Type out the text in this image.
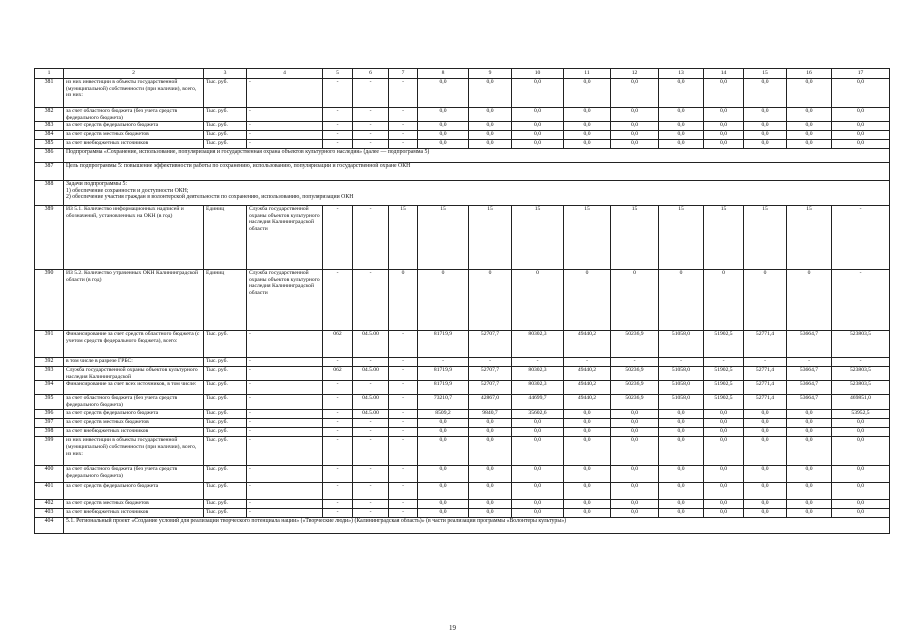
1	2	3	4	5	6	7	8	9	10	11	12	13	14	15	16	17
381	из них инвестиции в объекты государственной (муниципальной) собственности (при наличии), всего, из них:	Тыс. руб.	-	-	-	-	0,0	0,0	0,0	0,0	0,0	0,0	0,0	0,0	0,0	0,0
382	за счет областного бюджета (без учета средств федерального бюджета)	Тыс. руб.	-	-	-	-	0,0	0,0	0,0	0,0	0,0	0,0	0,0	0,0	0,0	0,0
383	за счет средств федерального бюджета	Тыс. руб.	-	-	-	-	0,0	0,0	0,0	0,0	0,0	0,0	0,0	0,0	0,0	0,0
384	за счет средств местных бюджетов	Тыс. руб.	-	-	-	-	0,0	0,0	0,0	0,0	0,0	0,0	0,0	0,0	0,0	0,0
385	за счет внебюджетных источников	Тыс. руб.	-	-	-	-	0,0	0,0	0,0	0,0	0,0	0,0	0,0	0,0	0,0	0,0
386	Подпрограмма «Сохранение, использование, популяризация и государственная охрана объектов культурного наследия» (далее — подпрограмма 5)															
387	Цель подпрограммы 5: повышение эффективности работы по сохранению, использованию, популяризации и государственной охране ОКН															
388	Задачи подпрограммы 5:
1) обеспечение сохранности и доступности ОКН;
2) обеспечение участия граждан в волонтерской деятельности по сохранению, использованию, популяризации ОКН															
389	ИЗ 5.1. Количество информационных надписей и обозначений, установленных на ОКН (в год)	Единиц	Служба государственной охраны объектов культурного наследия Калининградской области	-	-	15	15	15	15	15	15	15	15	15	15	-
390	ИЗ 5.2. Количество утраченных ОКН Калининградской области (в год)	Единиц	Служба государственной охраны объектов культурного наследия Калининградской области	-	-	0	0	0	0	0	0	0	0	0	0	-
391	Финансирование за счет средств областного бюджета (с учетом средств федерального бюджета), всего:	Тыс. руб.	-	062	04.5.00	-	81719,9	52707,7	80302,3	49440,2	50236,9	51058,0	51902,5	52771,4	53664,7	523803,5
392	в том числе в разрезе ГРБС:	Тыс. руб.	-	-	-	-	-	-	-	-	-	-	-	-	-	-
393	Служба государственной охраны объектов культурного наследия Калининградской	Тыс. руб.	-	062	04.5.00	-	81719,9	52707,7	80302,3	49440,2	50236,9	51058,0	51902,5	52771,4	53664,7	523803,5
394	Финансирование за счет всех источников, в том числе:	Тыс. руб.	-	-	-	-	81719,9	52707,7	80302,3	49440,2	50236,9	51058,0	51902,5	52771,4	53664,7	523803,5
395	за счет областного бюджета (без учета средств федерального бюджета)	Тыс. руб.	-	-	04.5.00	-	73210,7	42867,0	44699,7	49440,2	50236,9	51058,0	51902,5	52771,4	53664,7	469851,0
396	за счет средств федерального бюджета	Тыс. руб.	-	-	04.5.00	-	8509,2	9840,7	35602,6	0,0	0,0	0,0	0,0	0,0	0,0	53952,5
397	за счет средств местных бюджетов	Тыс. руб.	-	-	-	-	0,0	0,0	0,0	0,0	0,0	0,0	0,0	0,0	0,0	0,0
398	за счет внебюджетных источников	Тыс. руб.	-	-	-	-	0,0	0,0	0,0	0,0	0,0	0,0	0,0	0,0	0,0	0,0
399	из них инвестиции в объекты государственной (муниципальной) собственности (при наличии), всего, из них:	Тыс. руб.	-	-	-	-	0,0	0,0	0,0	0,0	0,0	0,0	0,0	0,0	0,0	0,0
400	за счет областного бюджета (без учета средств федерального бюджета)	Тыс. руб.	-	-	-	-	0,0	0,0	0,0	0,0	0,0	0,0	0,0	0,0	0,0	0,0
401	за счет средств федерального бюджета	Тыс. руб.	-	-	-	-	0,0	0,0	0,0	0,0	0,0	0,0	0,0	0,0	0,0	0,0
402	за счет средств местных бюджетов	Тыс. руб.	-	-	-	-	0,0	0,0	0,0	0,0	0,0	0,0	0,0	0,0	0,0	0,0
403	за счет внебюджетных источников	Тыс. руб.	-	-	-	-	0,0	0,0	0,0	0,0	0,0	0,0	0,0	0,0	0,0	0,0
404	5.1. Региональный проект «Создание условий для реализации творческого потенциала нации» («Творческие люди») (Калининградская область)» (в части реализации программы «Волонтеры культуры»)															
19
